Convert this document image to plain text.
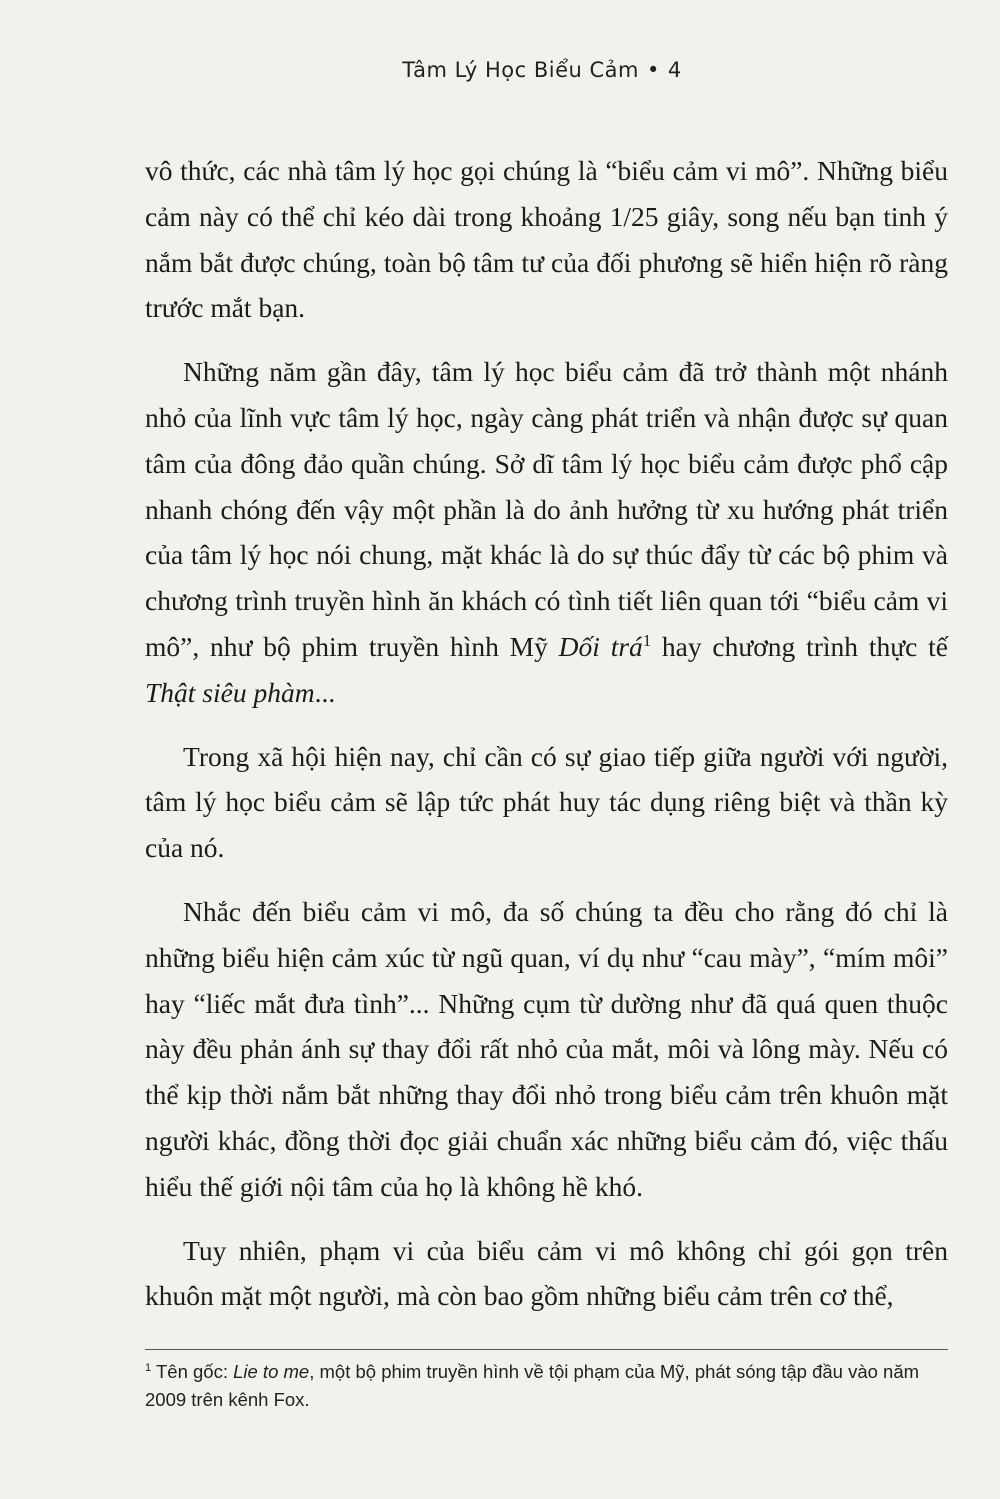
Tâm Lý Học Biểu Cảm • 4

vô thức, các nhà tâm lý học gọi chúng là “biểu cảm vi mô”. Những biểu cảm này có thể chỉ kéo dài trong khoảng 1/25 giây, song nếu bạn tinh ý nắm bắt được chúng, toàn bộ tâm tư của đối phương sẽ hiển hiện rõ ràng trước mắt bạn.

Những năm gần đây, tâm lý học biểu cảm đã trở thành một nhánh nhỏ của lĩnh vực tâm lý học, ngày càng phát triển và nhận được sự quan tâm của đông đảo quần chúng. Sở dĩ tâm lý học biểu cảm được phổ cập nhanh chóng đến vậy một phần là do ảnh hưởng từ xu hướng phát triển của tâm lý học nói chung, mặt khác là do sự thúc đẩy từ các bộ phim và chương trình truyền hình ăn khách có tình tiết liên quan tới “biểu cảm vi mô”, như bộ phim truyền hình Mỹ Dối trá$^1$ hay chương trình thực tế Thật siêu phàm...

Trong xã hội hiện nay, chỉ cần có sự giao tiếp giữa người với người, tâm lý học biểu cảm sẽ lập tức phát huy tác dụng riêng biệt và thần kỳ của nó.

Nhắc đến biểu cảm vi mô, đa số chúng ta đều cho rằng đó chỉ là những biểu hiện cảm xúc từ ngũ quan, ví dụ như “cau mày”, “mím môi” hay “liếc mắt đưa tình”... Những cụm từ dường như đã quá quen thuộc này đều phản ánh sự thay đổi rất nhỏ của mắt, môi và lông mày. Nếu có thể kịp thời nắm bắt những thay đổi nhỏ trong biểu cảm trên khuôn mặt người khác, đồng thời đọc giải chuẩn xác những biểu cảm đó, việc thấu hiểu thế giới nội tâm của họ là không hề khó.

Tuy nhiên, phạm vi của biểu cảm vi mô không chỉ gói gọn trên khuôn mặt một người, mà còn bao gồm những biểu cảm trên cơ thể,

$^1$ Tên gốc: Lie to me, một bộ phim truyền hình về tội phạm của Mỹ, phát sóng tập đầu vào năm 2009 trên kênh Fox.
